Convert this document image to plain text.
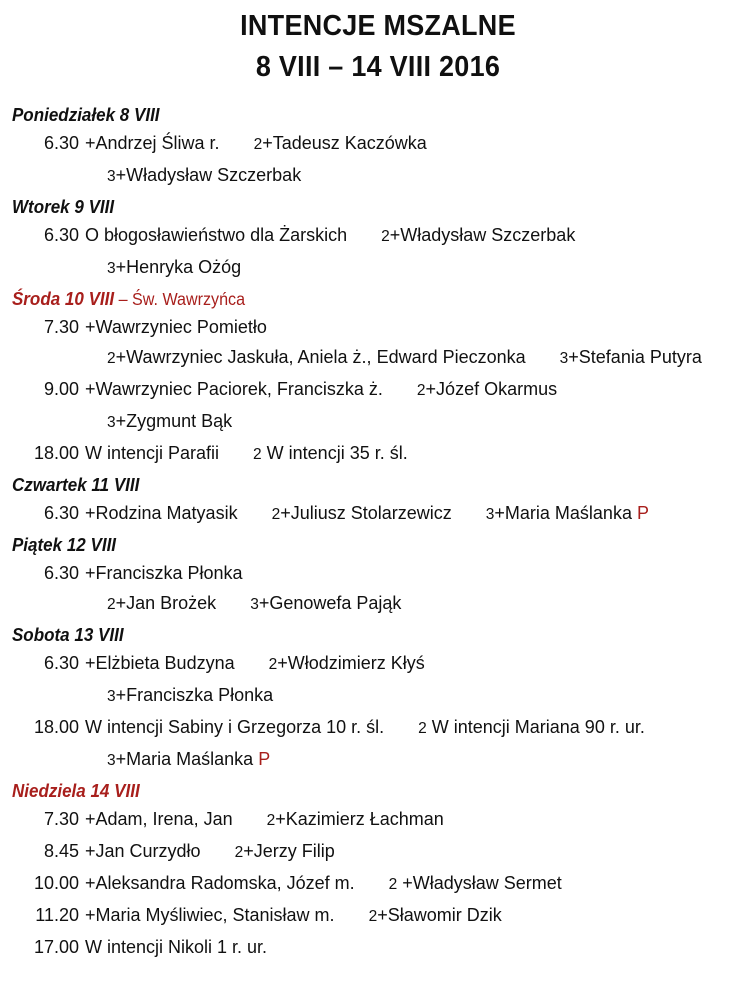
INTENCJE MSZALNE
8 VIII – 14 VIII 2016
Poniedziałek 8 VIII
6.30 +Andrzej Śliwa r. 2+Tadeusz Kaczówka
3+Władysław Szczerbak
Wtorek 9 VIII
6.30 O błogosławieństwo dla Żarskich 2+Władysław Szczerbak
3+Henryka Ożóg
Środa 10 VIII – Św. Wawrzyńca
7.30 +Wawrzyniec Pomietło
2+Wawrzyniec Jaskuła, Aniela ż., Edward Pieczonka 3+Stefania Putyra
9.00 +Wawrzyniec Paciorek, Franciszka ż. 2+Józef Okarmus
3+Zygmunt Bąk
18.00 W intencji Parafii 2 W intencji 35 r. śl.
Czwartek 11 VIII
6.30 +Rodzina Matyasik 2+Juliusz Stolarzewicz 3+Maria Maślanka P
Piątek 12 VIII
6.30 +Franciszka Płonka
2+Jan Brożek 3+Genowefa Pająk
Sobota 13 VIII
6.30 +Elżbieta Budzyna 2+Włodzimierz Kłyś
3+Franciszka Płonka
18.00 W intencji Sabiny i Grzegorza 10 r. śl. 2 W intencji Mariana 90 r. ur.
3+Maria Maślanka P
Niedziela 14 VIII
7.30 +Adam, Irena, Jan 2+Kazimierz Łachman
8.45 +Jan Curzydło 2+Jerzy Filip
10.00 +Aleksandra Radomska, Józef m. 2 +Władysław Sermet
11.20 +Maria Myśliwiec, Stanisław m. 2+Sławomir Dzik
17.00 W intencji Nikoli 1 r. ur.
